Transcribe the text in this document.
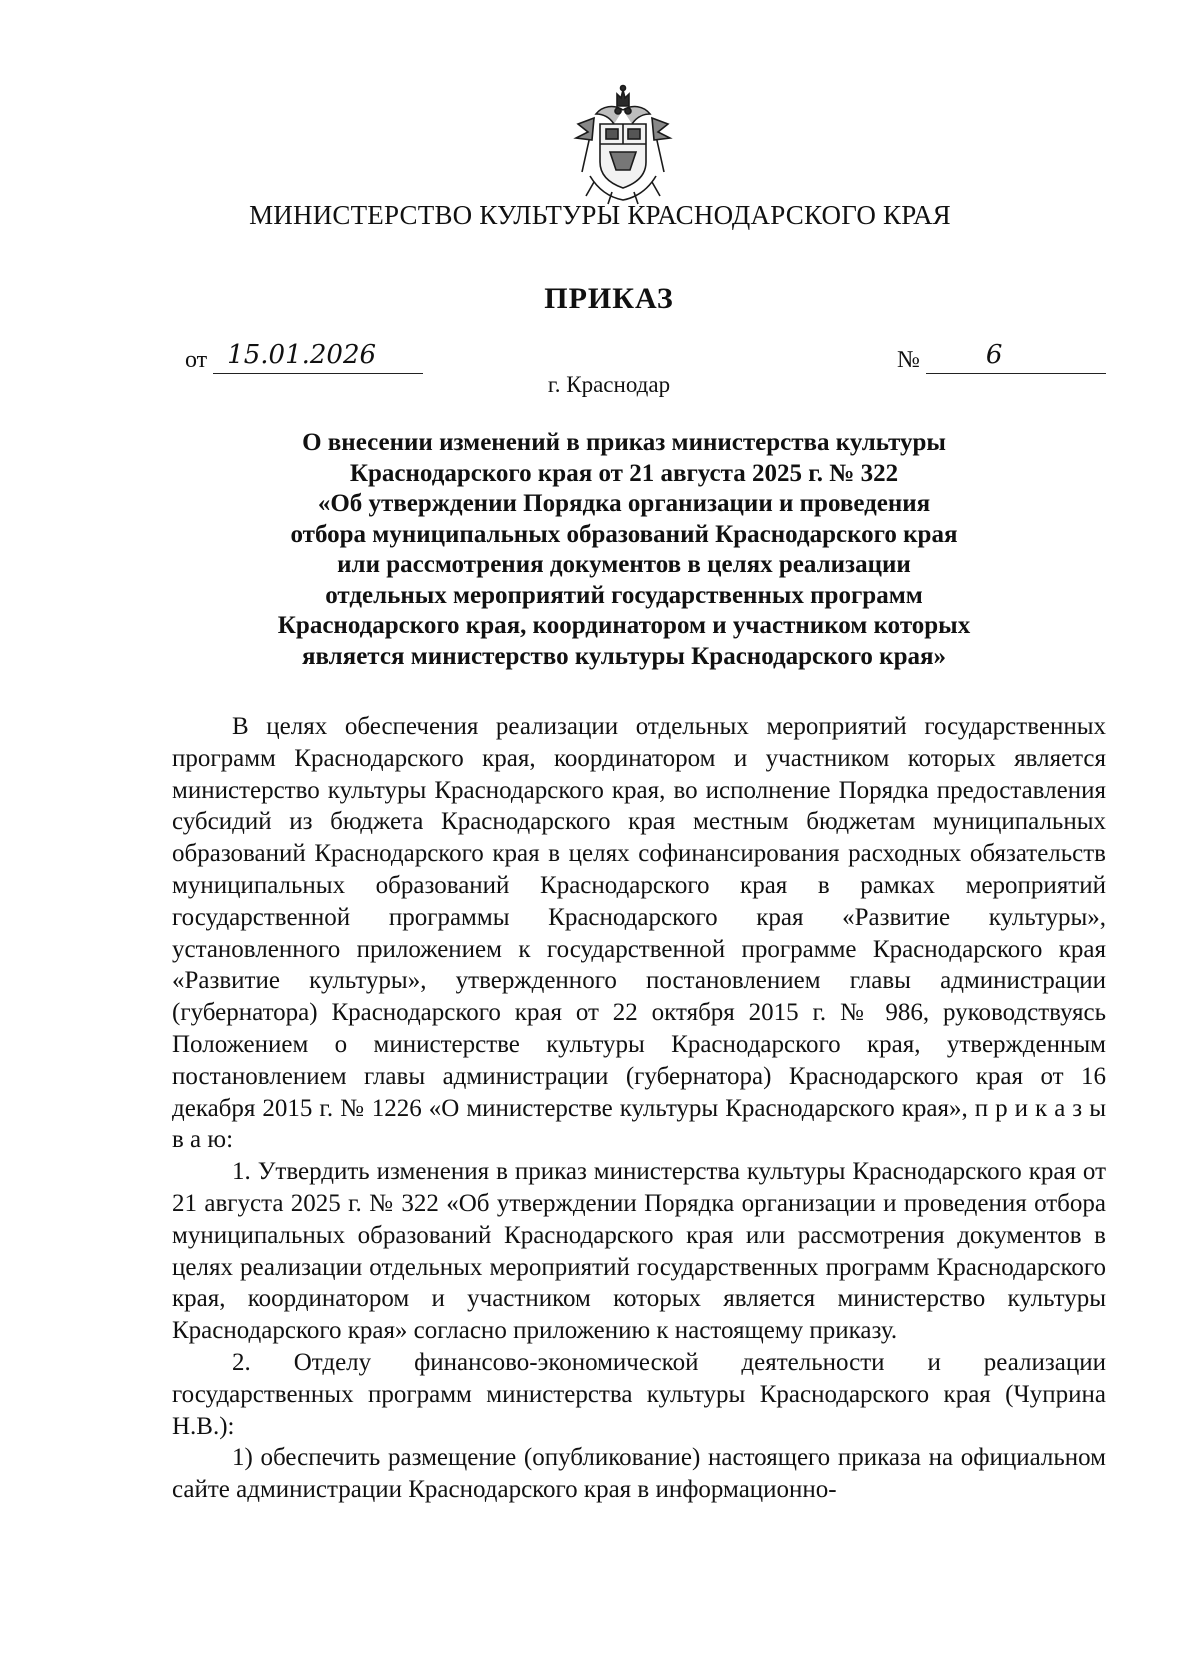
МИНИСТЕРСТВО КУЛЬТУРЫ КРАСНОДАРСКОГО КРАЯ
ПРИКАЗ
от 15.01.2026	№	6
г. Краснодар
О внесении изменений в приказ министерства культуры
Краснодарского края от 21 августа 2025 г. № 322
«Об утверждении Порядка организации и проведения
отбора муниципальных образований Краснодарского края
или рассмотрения документов в целях реализации
отдельных мероприятий государственных программ
Краснодарского края, координатором и участником которых
является министерство культуры Краснодарского края»

В целях обеспечения реализации отдельных мероприятий государственных программ Краснодарского края, координатором и участником которых является министерство культуры Краснодарского края, во исполнение Порядка предоставления субсидий из бюджета Краснодарского края местным бюджетам муниципальных образований Краснодарского края в целях софинансирования расходных обязательств муниципальных образований Краснодарского края в рамках мероприятий государственной программы Краснодарского края «Развитие культуры», установленного приложением к государственной программе Краснодарского края «Развитие культуры», утвержденного постановлением главы администрации (губернатора) Краснодарского края от 22 октября 2015 г. № 986, руководствуясь Положением о министерстве культуры Краснодарского края, утвержденным постановлением главы администрации (губернатора) Краснодарского края от 16 декабря 2015 г. № 1226 «О министерстве культуры Краснодарского края», п р и к а з ы в а ю:

1. Утвердить изменения в приказ министерства культуры Краснодарского края от 21 августа 2025 г. № 322 «Об утверждении Порядка организации и проведения отбора муниципальных образований Краснодарского края или рассмотрения документов в целях реализации отдельных мероприятий государственных программ Краснодарского края, координатором и участником которых является министерство культуры Краснодарского края» согласно приложению к настоящему приказу.

2. Отделу финансово-экономической деятельности и реализации государственных программ министерства культуры Краснодарского края (Чуприна Н.В.):

1) обеспечить размещение (опубликование) настоящего приказа на официальном сайте администрации Краснодарского края в информационно-
